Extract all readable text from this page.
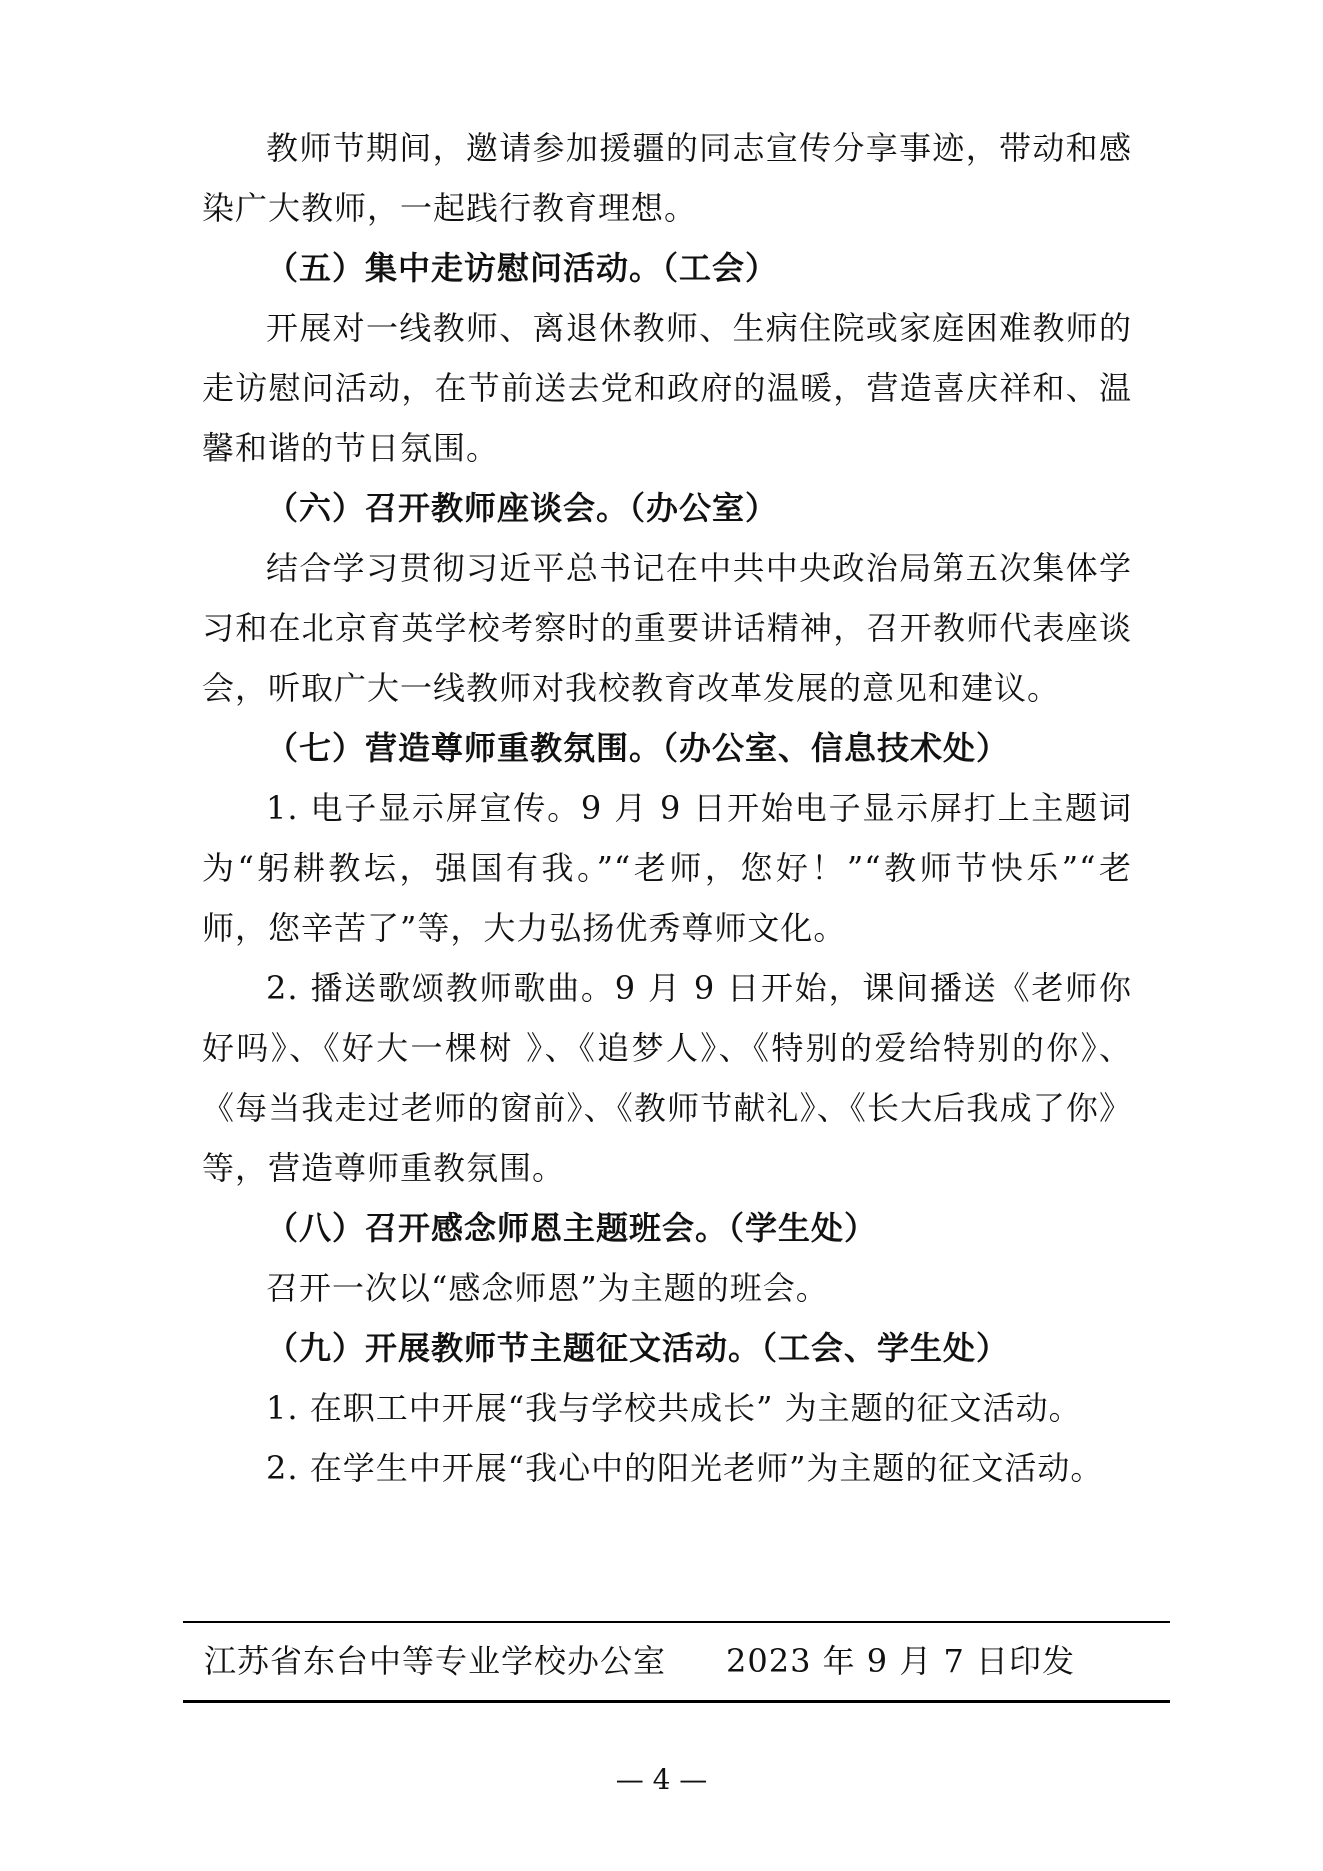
教师节期间，邀请参加援疆的同志宣传分享事迹，带动和感染广大教师，一起践行教育理想。

（五）集中走访慰问活动。（工会）

开展对一线教师、离退休教师、生病住院或家庭困难教师的走访慰问活动，在节前送去党和政府的温暖，营造喜庆祥和、温馨和谐的节日氛围。

（六）召开教师座谈会。（办公室）

结合学习贯彻习近平总书记在中共中央政治局第五次集体学习和在北京育英学校考察时的重要讲话精神，召开教师代表座谈会，听取广大一线教师对我校教育改革发展的意见和建议。

（七）营造尊师重教氛围。（办公室、信息技术处）

1. 电子显示屏宣传。9 月 9 日开始电子显示屏打上主题词为“躬耕教坛，强国有我。”“老师，您好！”“教师节快乐”“老师，您辛苦了”等，大力弘扬优秀尊师文化。

2. 播送歌颂教师歌曲。9 月 9 日开始，课间播送《老师你好吗》、《好大一棵树 》、《追梦人》、《特别的爱给特别的你》、《每当我走过老师的窗前》、《教师节献礼》、《长大后我成了你》等，营造尊师重教氛围。

（八）召开感念师恩主题班会。（学生处）

召开一次以“感念师恩”为主题的班会。

（九）开展教师节主题征文活动。（工会、学生处）

1. 在职工中开展“我与学校共成长” 为主题的征文活动。

2. 在学生中开展“我心中的阳光老师”为主题的征文活动。

江苏省东台中等专业学校办公室 2023 年 9 月 7 日印发
— 4 —
